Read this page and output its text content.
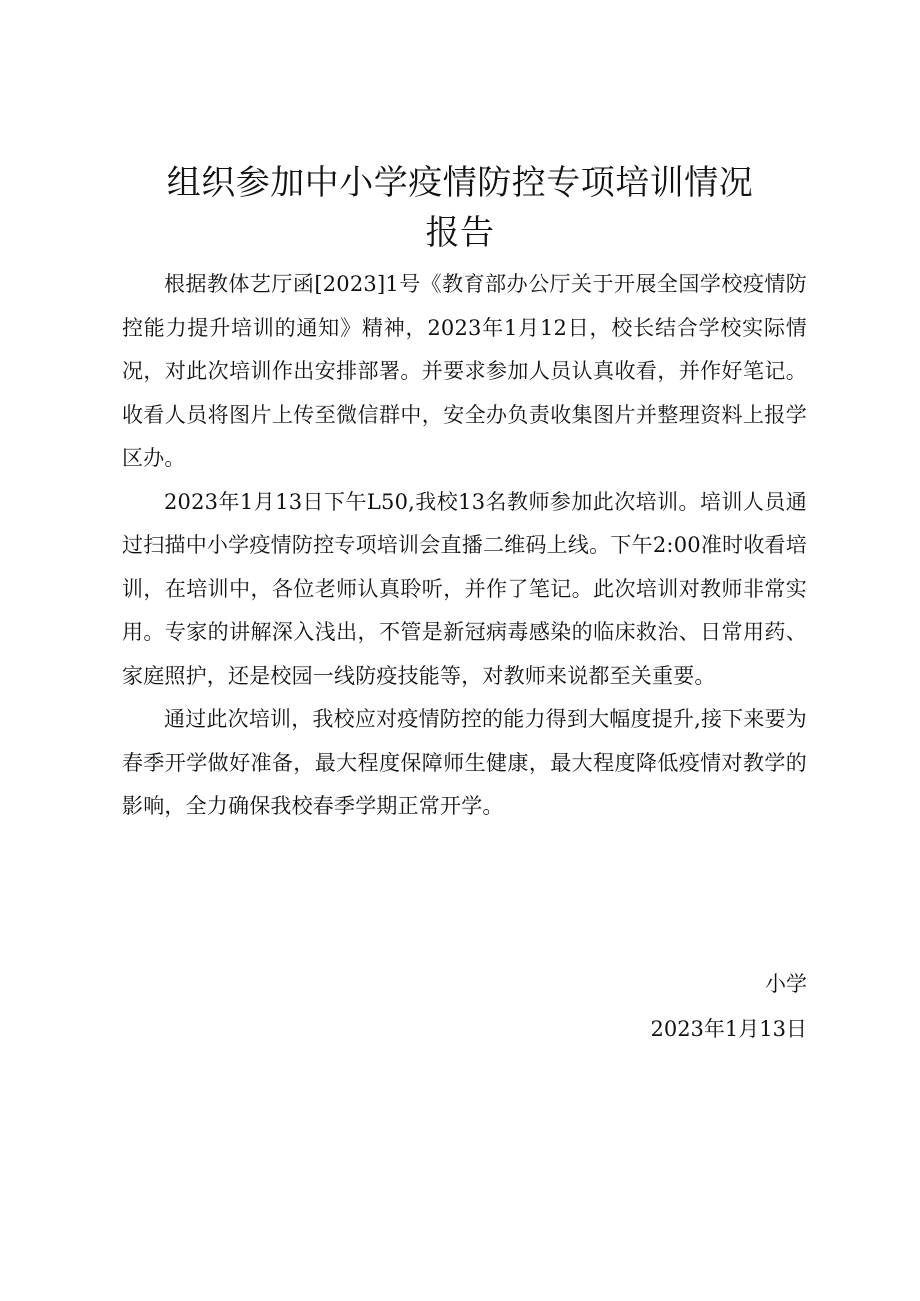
组织参加中小学疫情防控专项培训情况
报告

根据教体艺厅函[2023]1号《教育部办公厅关于开展全国学校疫情防控能力提升培训的通知》精神，2023年1月12日，校长结合学校实际情况，对此次培训作出安排部署。并要求参加人员认真收看，并作好笔记。收看人员将图片上传至微信群中，安全办负责收集图片并整理资料上报学区办。

2023年1月13日下午L50,我校13名教师参加此次培训。培训人员通过扫描中小学疫情防控专项培训会直播二维码上线。下午2:00准时收看培训，在培训中，各位老师认真聆听，并作了笔记。此次培训对教师非常实用。专家的讲解深入浅出，不管是新冠病毒感染的临床救治、日常用药、家庭照护，还是校园一线防疫技能等，对教师来说都至关重要。

通过此次培训，我校应对疫情防控的能力得到大幅度提升,接下来要为春季开学做好准备，最大程度保障师生健康，最大程度降低疫情对教学的影响，全力确保我校春季学期正常开学。

小学
2023年1月13日
